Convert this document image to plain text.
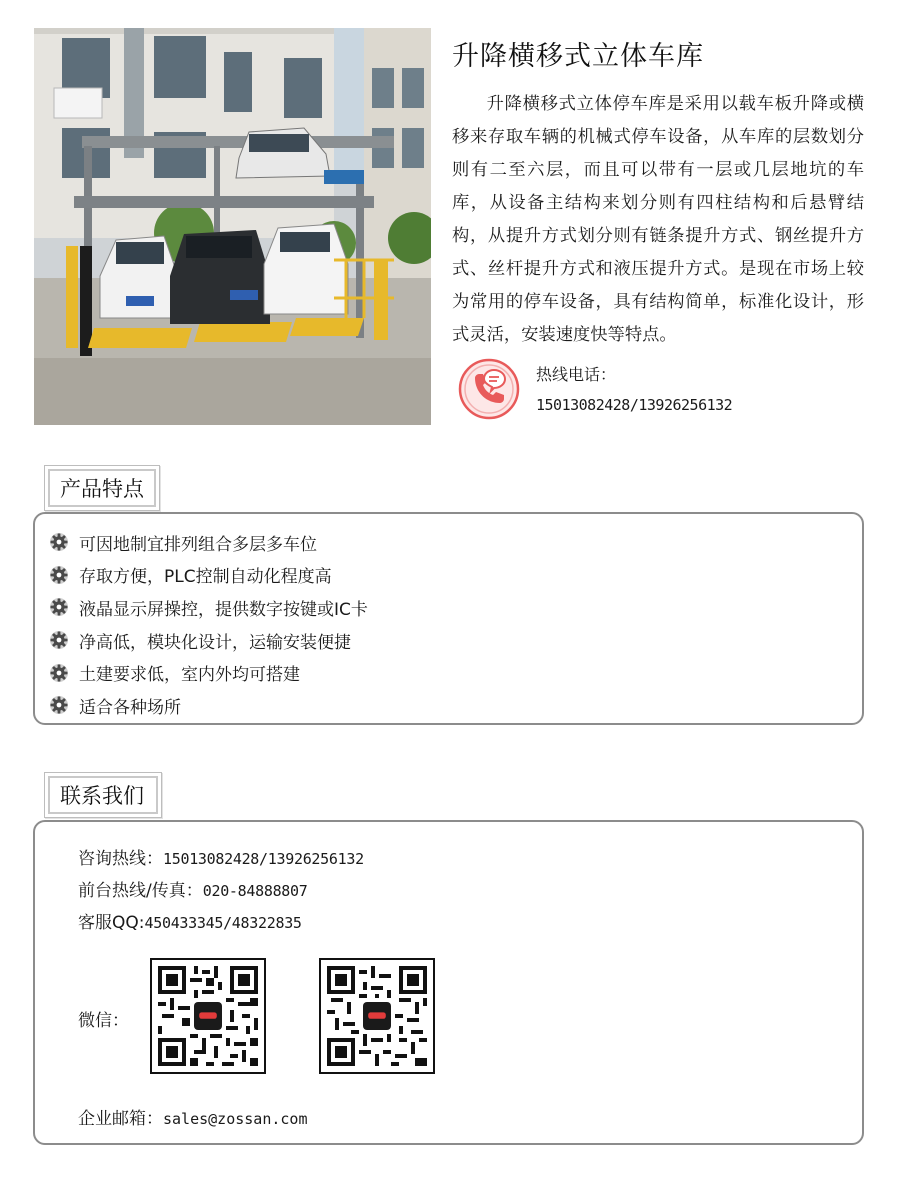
升降横移式立体车库

升降横移式立体停车库是采用以载车板升降或横移来存取车辆的机械式停车设备，从车库的层数划分则有二至六层，而且可以带有一层或几层地坑的车库，从设备主结构来划分则有四柱结构和后悬臂结构，从提升方式划分则有链条提升方式、钢丝提升方式、丝杆提升方式和液压提升方式。是现在市场上较为常用的停车设备，具有结构简单，标准化设计，形式灵活，安装速度快等特点。

热线电话：
15013082428/13926256132
产品特点
可因地制宜排列组合多层多车位
存取方便，PLC控制自动化程度高
液晶显示屏操控，提供数字按键或IC卡
净高低，模块化设计，运输安装便捷
土建要求低，室内外均可搭建
适合各种场所
联系我们
咨询热线：15013082428/13926256132
前台热线/传真：020-84888807
客服QQ:450433345/48322835
微信：
企业邮箱：sales@zossan.com
